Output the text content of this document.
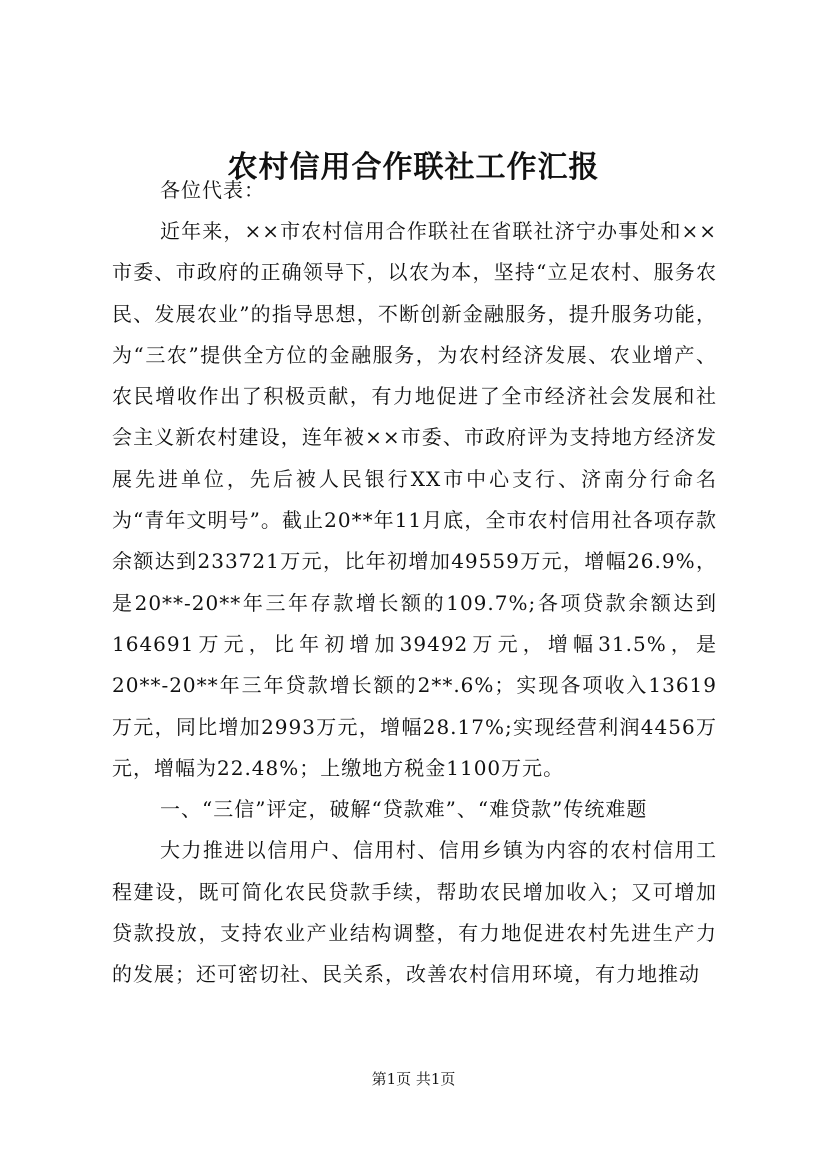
农村信用合作联社工作汇报

各位代表：

近年来，××市农村信用合作联社在省联社济宁办事处和××市委、市政府的正确领导下，以农为本，坚持“立足农村、服务农民、发展农业”的指导思想，不断创新金融服务，提升服务功能，为“三农”提供全方位的金融服务，为农村经济发展、农业增产、农民增收作出了积极贡献，有力地促进了全市经济社会发展和社会主义新农村建设，连年被××市委、市政府评为支持地方经济发展先进单位，先后被人民银行XX市中心支行、济南分行命名为“青年文明号”。截止20**年11月底，全市农村信用社各项存款余额达到233721万元，比年初增加49559万元，增幅26.9%，是20**-20**年三年存款增长额的109.7%;各项贷款余额达到164691万元，比年初增加39492万元，增幅31.5%，是20**-20**年三年贷款增长额的2**.6%；实现各项收入13619万元，同比增加2993万元，增幅28.17%;实现经营利润4456万元，增幅为22.48%；上缴地方税金1100万元。

一、“三信”评定，破解“贷款难”、“难贷款”传统难题

大力推进以信用户、信用村、信用乡镇为内容的农村信用工程建设，既可简化农民贷款手续，帮助农民增加收入；又可增加贷款投放，支持农业产业结构调整，有力地促进农村先进生产力的发展；还可密切社、民关系，改善农村信用环境，有力地推动

第1页 共1页
